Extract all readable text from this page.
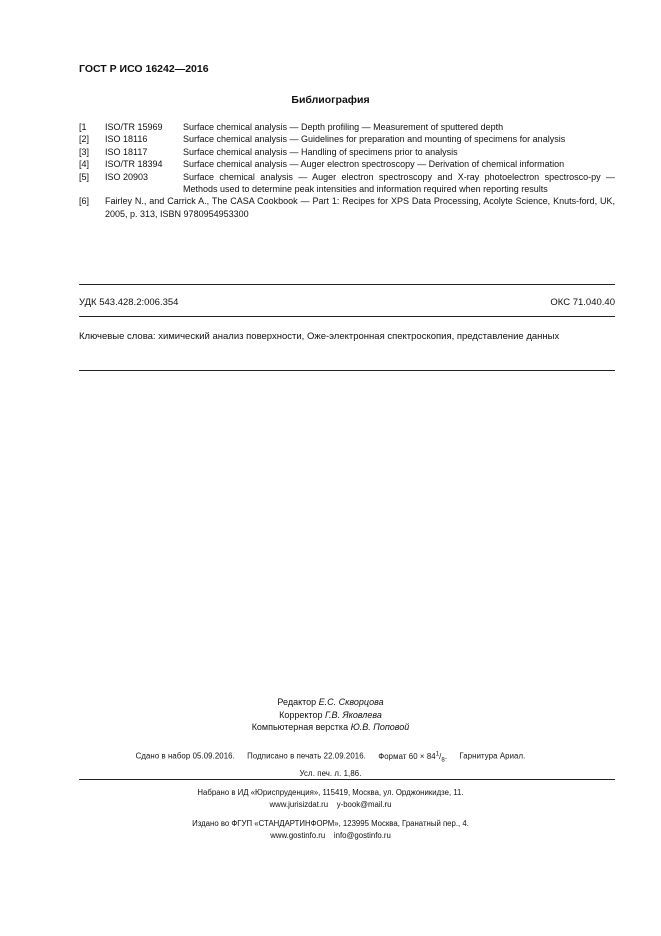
ГОСТ Р ИСО 16242—2016
Библиография
[1	ISO/TR 15969	Surface chemical analysis — Depth profiling — Measurement of sputtered depth
[2]	ISO 18116	Surface chemical analysis — Guidelines for preparation and mounting of specimens for analysis
[3]	ISO 18117	Surface chemical analysis — Handling of specimens prior to analysis
[4]	ISO/TR 18394	Surface chemical analysis — Auger electron spectroscopy — Derivation of chemical information
[5]	ISO 20903	Surface chemical analysis — Auger electron spectroscopy and X-ray photoelectron spectrosco-py — Methods used to determine peak intensities and information required when reporting results
[6]	Fairley N., and Carrick A., The CASA Cookbook — Part 1: Recipes for XPS Data Processing, Acolyte Science, Knuts-ford, UK, 2005, p. 313, ISBN 9780954953300
УДК 543.428.2:006.354	ОКС 71.040.40
Ключевые слова: химический анализ поверхности, Оже-электронная спектроскопия, представление данных
Редактор Е.С. Скворцова
Корректор Г.В. Яковлева
Компьютерная верстка Ю.В. Поповой
Сдано в набор 05.09.2016. Подписано в печать 22.09.2016. Формат $60 \times 84^1/_8$. Гарнитура Ариал.
Усл. печ. л. 1,86.
Набрано в ИД «Юриспруденция», 115419, Москва, ул. Орджоникидзе, 11.
www.jurisizdat.ru y-book@mail.ru
Издано во ФГУП «СТАНДАРТИНФОРМ», 123995 Москва, Гранатный пер., 4.
www.gostinfo.ru info@gostinfo.ru
